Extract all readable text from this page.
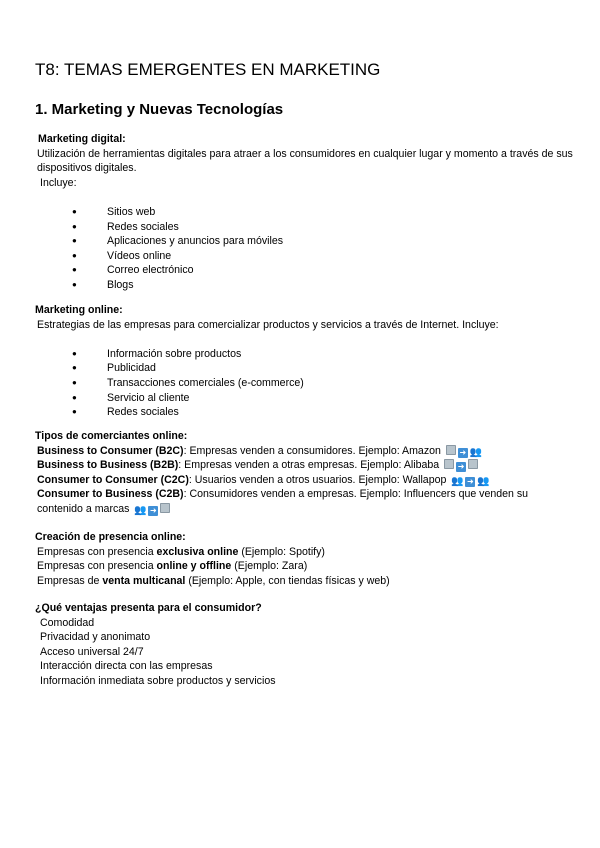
T8: TEMAS EMERGENTES EN MARKETING
1. Marketing y Nuevas Tecnologías

Marketing digital:

Utilización de herramientas digitales para atraer a los consumidores en cualquier lugar y momento a través de sus dispositivos digitales.

Incluye:

● Sitios web
● Redes sociales
● Aplicaciones y anuncios para móviles
● Vídeos online
● Correo electrónico
● Blogs

Marketing online:

Estrategias de las empresas para comercializar productos y servicios a través de Internet. Incluye:

● Información sobre productos
● Publicidad
● Transacciones comerciales (e-commerce)
● Servicio al cliente
● Redes sociales

Tipos de comerciantes online:

Business to Consumer (B2C): Empresas venden a consumidores. Ejemplo: Amazon ➜ 👥

Business to Business (B2B): Empresas venden a otras empresas. Ejemplo: Alibaba ➜

Consumer to Consumer (C2C): Usuarios venden a otros usuarios. Ejemplo: Wallapop 👥 ➜ 👥

Consumer to Business (C2B): Consumidores venden a empresas. Ejemplo: Influencers que venden su contenido a marcas 👥 ➜

Creación de presencia online:

Empresas con presencia exclusiva online (Ejemplo: Spotify)

Empresas con presencia online y offline (Ejemplo: Zara)

Empresas de venta multicanal (Ejemplo: Apple, con tiendas físicas y web)

¿Qué ventajas presenta para el consumidor?

Comodidad

Privacidad y anonimato

Acceso universal 24/7

Interacción directa con las empresas

Información inmediata sobre productos y servicios
